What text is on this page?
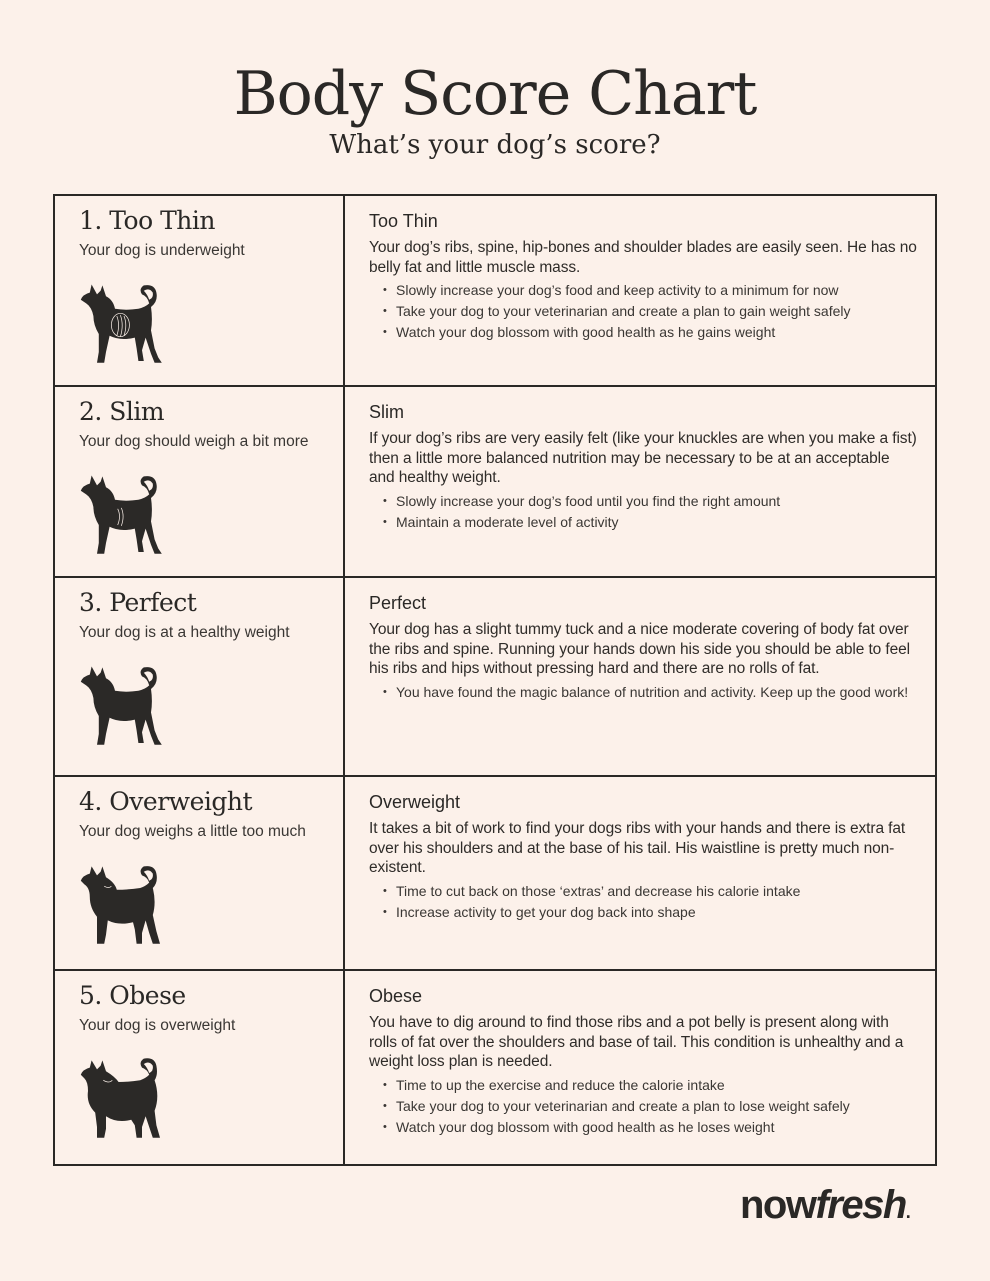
Body Score Chart
What’s your dog’s score?
1. Too Thin
Your dog is underweight
Too Thin
Your dog’s ribs, spine, hip-bones and shoulder blades are easily seen. He has no belly fat and little muscle mass.
• Slowly increase your dog’s food and keep activity to a minimum for now
• Take your dog to your veterinarian and create a plan to gain weight safely
• Watch your dog blossom with good health as he gains weight
2. Slim
Your dog should weigh a bit more
Slim
If your dog’s ribs are very easily felt (like your knuckles are when you make a fist) then a little more balanced nutrition may be necessary to be at an acceptable and healthy weight.
• Slowly increase your dog’s food until you find the right amount
• Maintain a moderate level of activity
3. Perfect
Your dog is at a healthy weight
Perfect
Your dog has a slight tummy tuck and a nice moderate covering of body fat over the ribs and spine. Running your hands down his side you should be able to feel his ribs and hips without pressing hard and there are no rolls of fat.
• You have found the magic balance of nutrition and activity. Keep up the good work!
4. Overweight
Your dog weighs a little too much
Overweight
It takes a bit of work to find your dogs ribs with your hands and there is extra fat over his shoulders and at the base of his tail. His waistline is pretty much non-existent.
• Time to cut back on those ‘extras’ and decrease his calorie intake
• Increase activity to get your dog back into shape
5. Obese
Your dog is overweight
Obese
You have to dig around to find those ribs and a pot belly is present along with rolls of fat over the shoulders and base of tail. This condition is unhealthy and a weight loss plan is needed.
• Time to up the exercise and reduce the calorie intake
• Take your dog to your veterinarian and create a plan to lose weight safely
• Watch your dog blossom with good health as he loses weight
nowfresh.
